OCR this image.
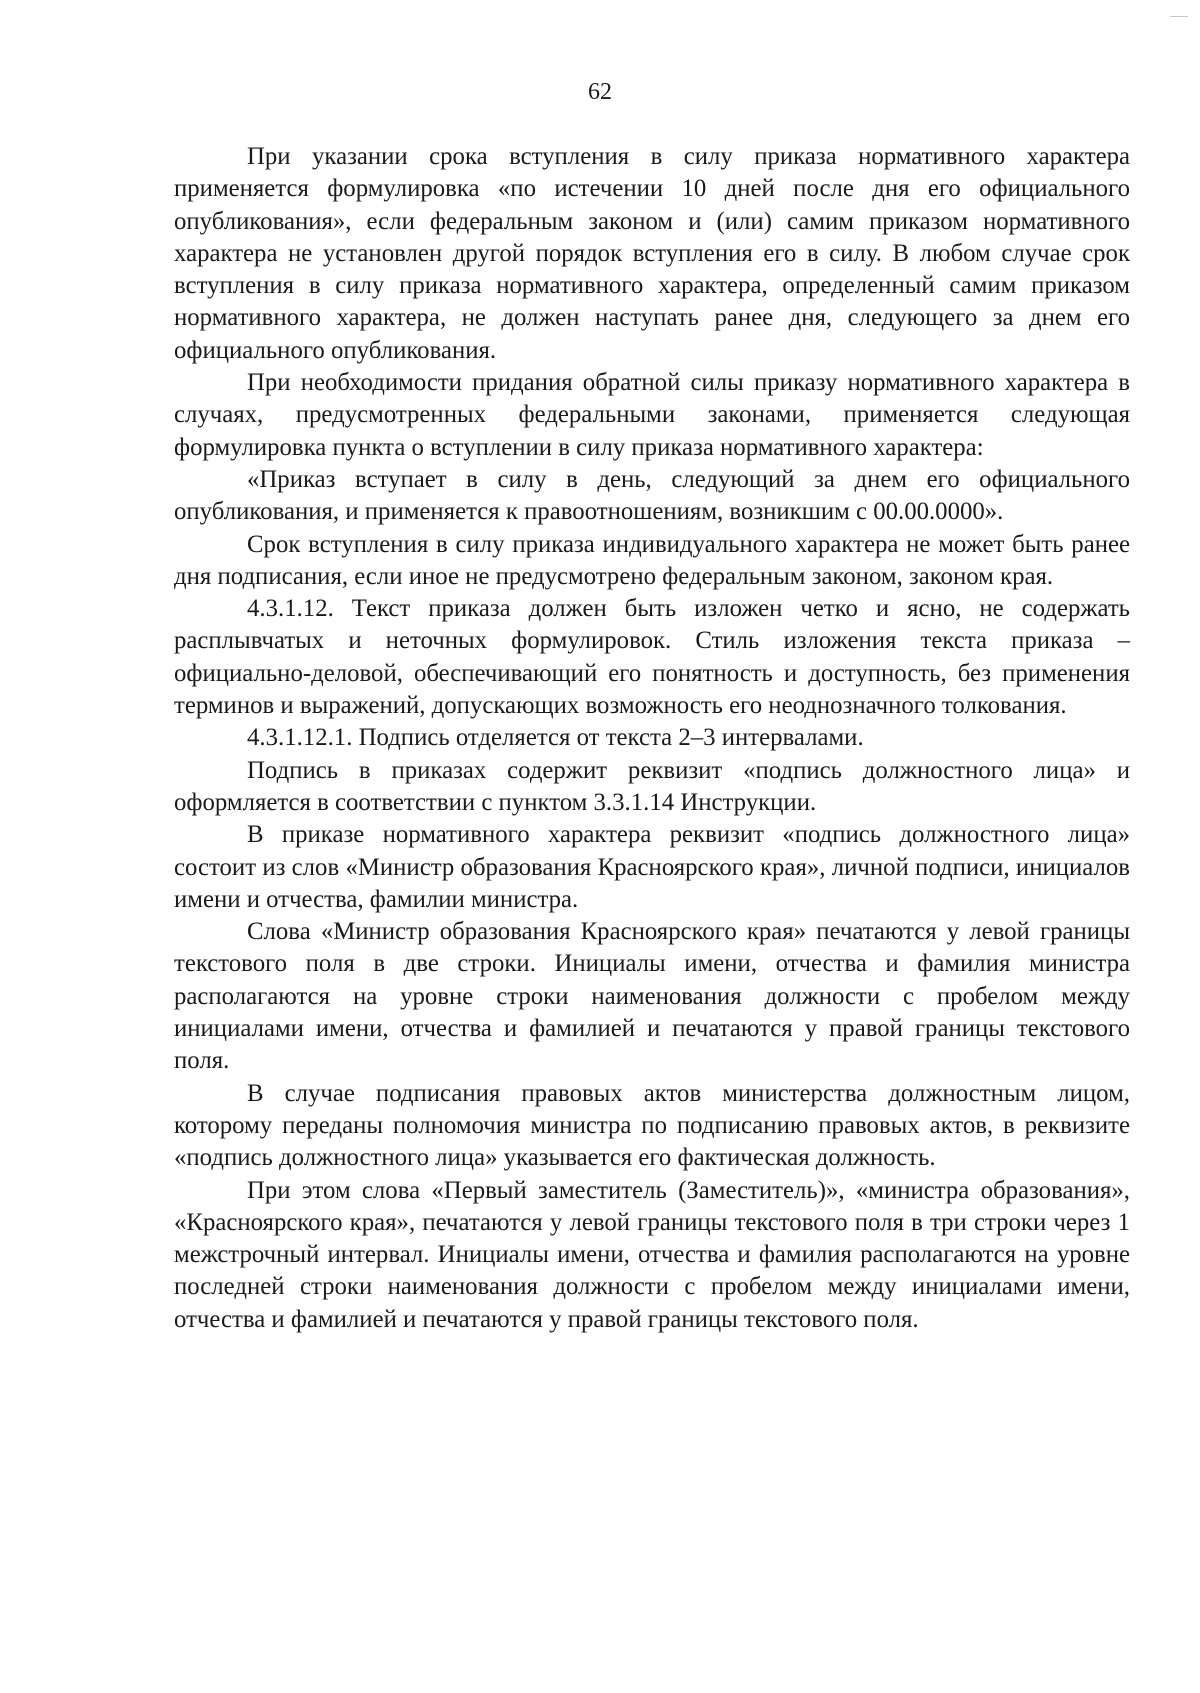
62

При указании срока вступления в силу приказа нормативного характера применяется формулировка «по истечении 10 дней после дня его официального опубликования», если федеральным законом и (или) самим приказом нормативного характера не установлен другой порядок вступления его в силу. В любом случае срок вступления в силу приказа нормативного характера, определенный самим приказом нормативного характера, не должен наступать ранее дня, следующего за днем его официального опубликования.

При необходимости придания обратной силы приказу нормативного характера в случаях, предусмотренных федеральными законами, применяется следующая формулировка пункта о вступлении в силу приказа нормативного характера:

«Приказ вступает в силу в день, следующий за днем его официального опубликования, и применяется к правоотношениям, возникшим с 00.00.0000».

Срок вступления в силу приказа индивидуального характера не может быть ранее дня подписания, если иное не предусмотрено федеральным законом, законом края.

4.3.1.12. Текст приказа должен быть изложен четко и ясно, не содержать расплывчатых и неточных формулировок. Стиль изложения текста приказа – официально-деловой, обеспечивающий его понятность и доступность, без применения терминов и выражений, допускающих возможность его неоднозначного толкования.

4.3.1.12.1. Подпись отделяется от текста 2–3 интервалами.

Подпись в приказах содержит реквизит «подпись должностного лица» и оформляется в соответствии с пунктом 3.3.1.14 Инструкции.

В приказе нормативного характера реквизит «подпись должностного лица» состоит из слов «Министр образования Красноярского края», личной подписи, инициалов имени и отчества, фамилии министра.

Слова «Министр образования Красноярского края» печатаются у левой границы текстового поля в две строки. Инициалы имени, отчества и фамилия министра располагаются на уровне строки наименования должности с пробелом между инициалами имени, отчества и фамилией и печатаются у правой границы текстового поля.

В случае подписания правовых актов министерства должностным лицом, которому переданы полномочия министра по подписанию правовых актов, в реквизите «подпись должностного лица» указывается его фактическая должность.

При этом слова «Первый заместитель (Заместитель)», «министра образования», «Красноярского края», печатаются у левой границы текстового поля в три строки через 1 межстрочный интервал. Инициалы имени, отчества и фамилия располагаются на уровне последней строки наименования должности с пробелом между инициалами имени, отчества и фамилией и печатаются у правой границы текстового поля.
